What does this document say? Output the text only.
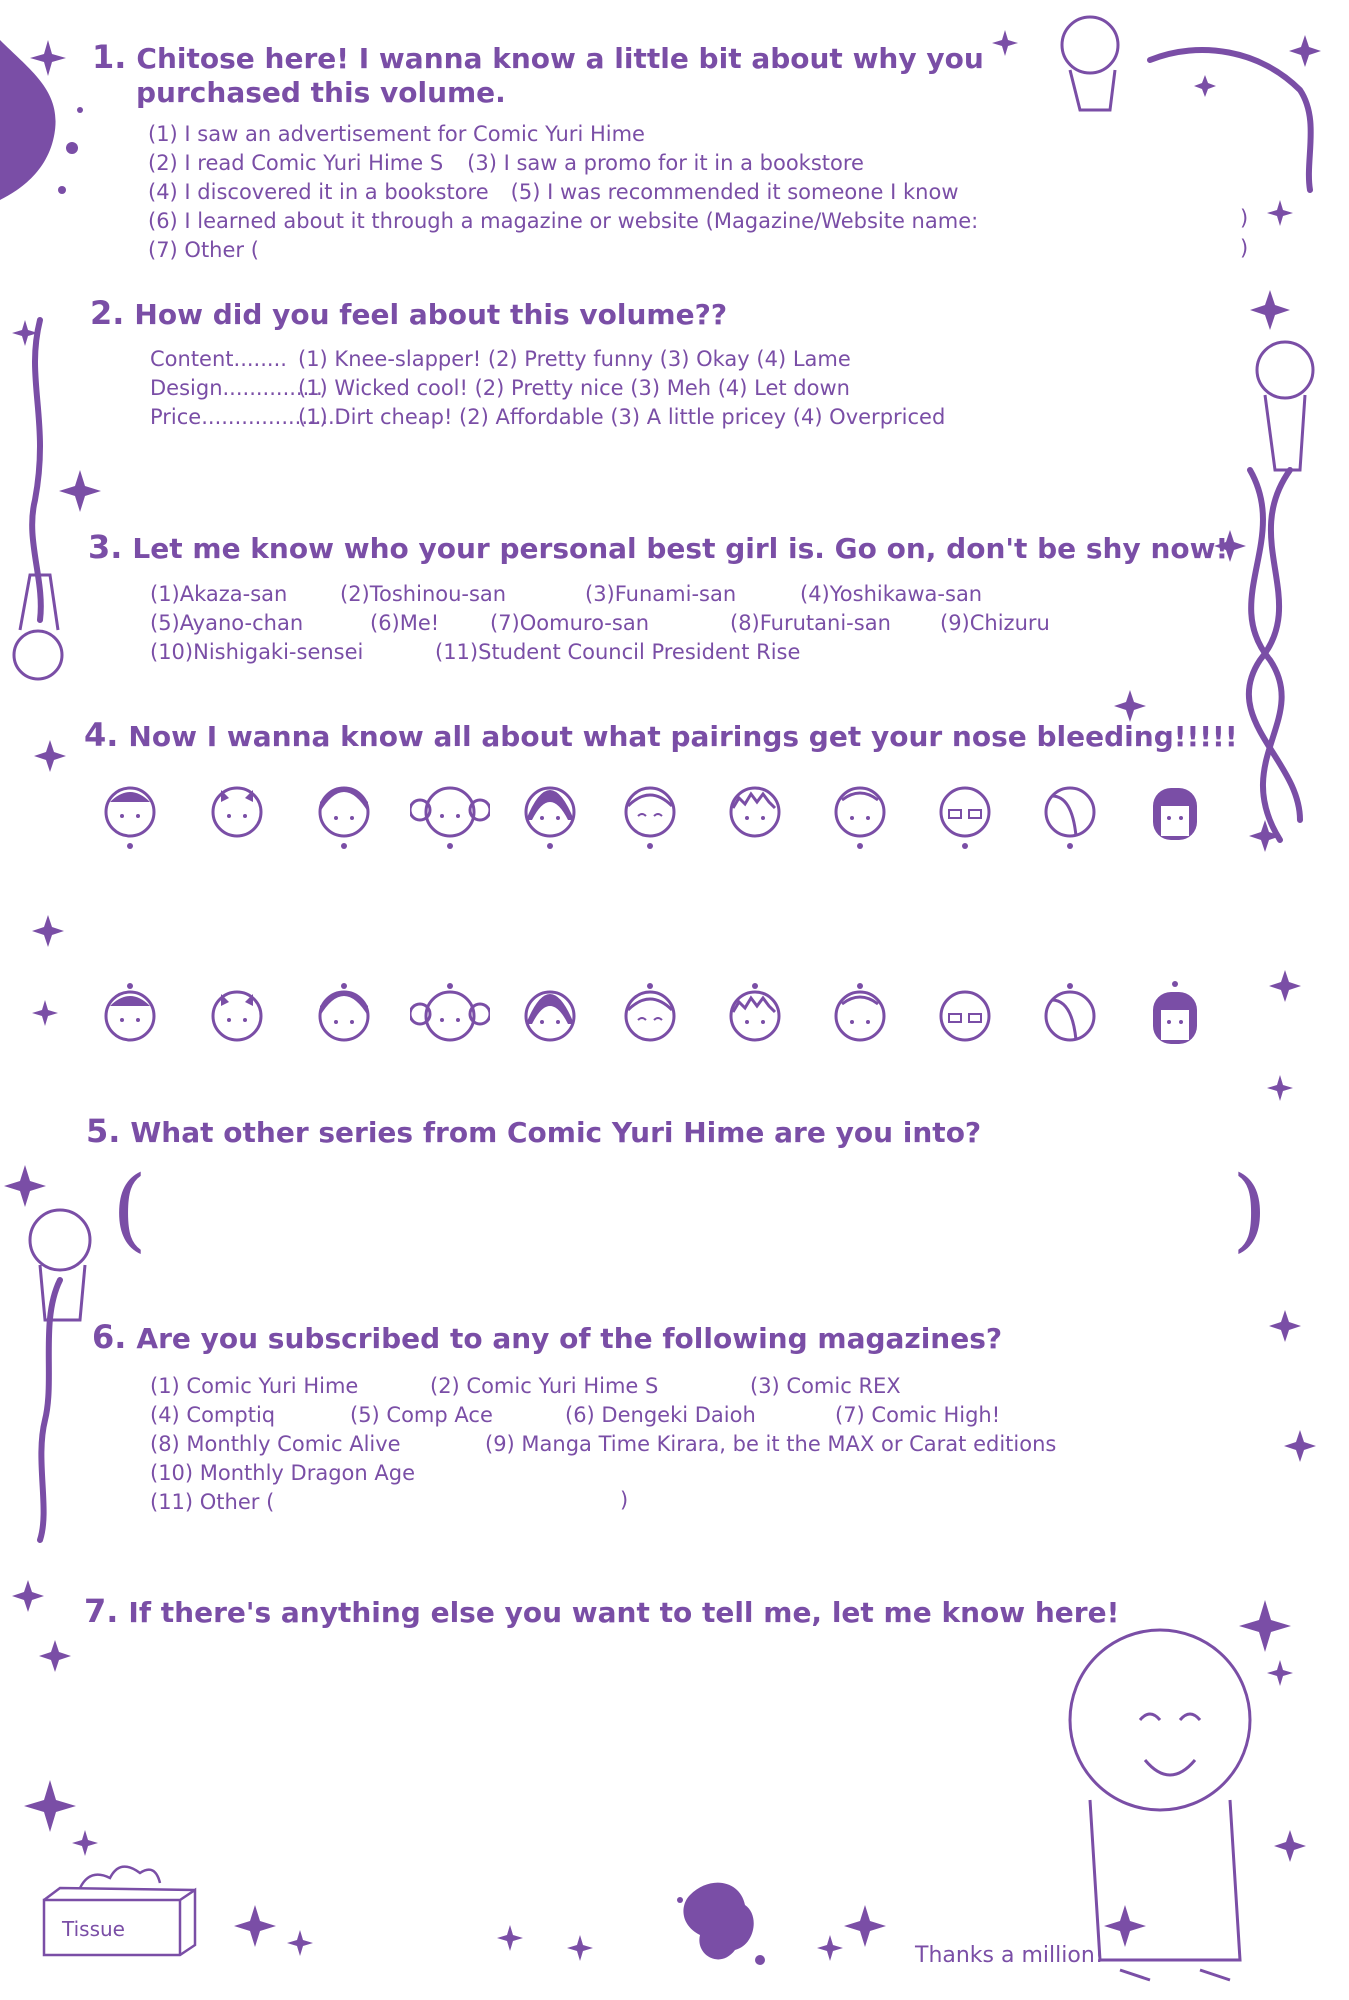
Tissue
1. Chitose here! I wanna know a little bit about why you
purchased this volume.
(1) I saw an advertisement for Comic Yuri Hime
(2) I read Comic Yuri Hime S (3) I saw a promo for it in a bookstore
(4) I discovered it in a bookstore (5) I was recommended it someone I know
(6) I learned about it through a magazine or website (Magazine/Website name:
(7) Other (
)
)
2. How did you feel about this volume??
Content........ (1) Knee-slapper! (2) Pretty funny (3) Okay (4) Lame
Design...............(1) Wicked cool! (2) Pretty nice (3) Meh (4) Let down
Price.....................(1) Dirt cheap! (2) Affordable (3) A little pricey (4) Overpriced
3. Let me know who your personal best girl is. Go on, don't be shy now!
(1)Akaza-san	(2)Toshinou-san	(3)Funami-san	(4)Yoshikawa-san
(5)Ayano-chan	(6)Me! (7)Oomuro-san	(8)Furutani-san (9)Chizuru
(10)Nishigaki-sensei	(11)Student Council President Rise
4. Now I wanna know all about what pairings get your nose bleeding!!!!!
5. What other series from Comic Yuri Hime are you into?
(	)
6. Are you subscribed to any of the following magazines?
(1) Comic Yuri Hime	(2) Comic Yuri Hime S	(3) Comic REX
(4) Comptiq	(5) Comp Ace	(6) Dengeki Daioh	(7) Comic High!
(8) Monthly Comic Alive	(9) Manga Time Kirara, be it the MAX or Carat editions
(10) Monthly Dragon Age
(11) Other (	)
7. If there's anything else you want to tell me, let me know here!
Thanks a million!
